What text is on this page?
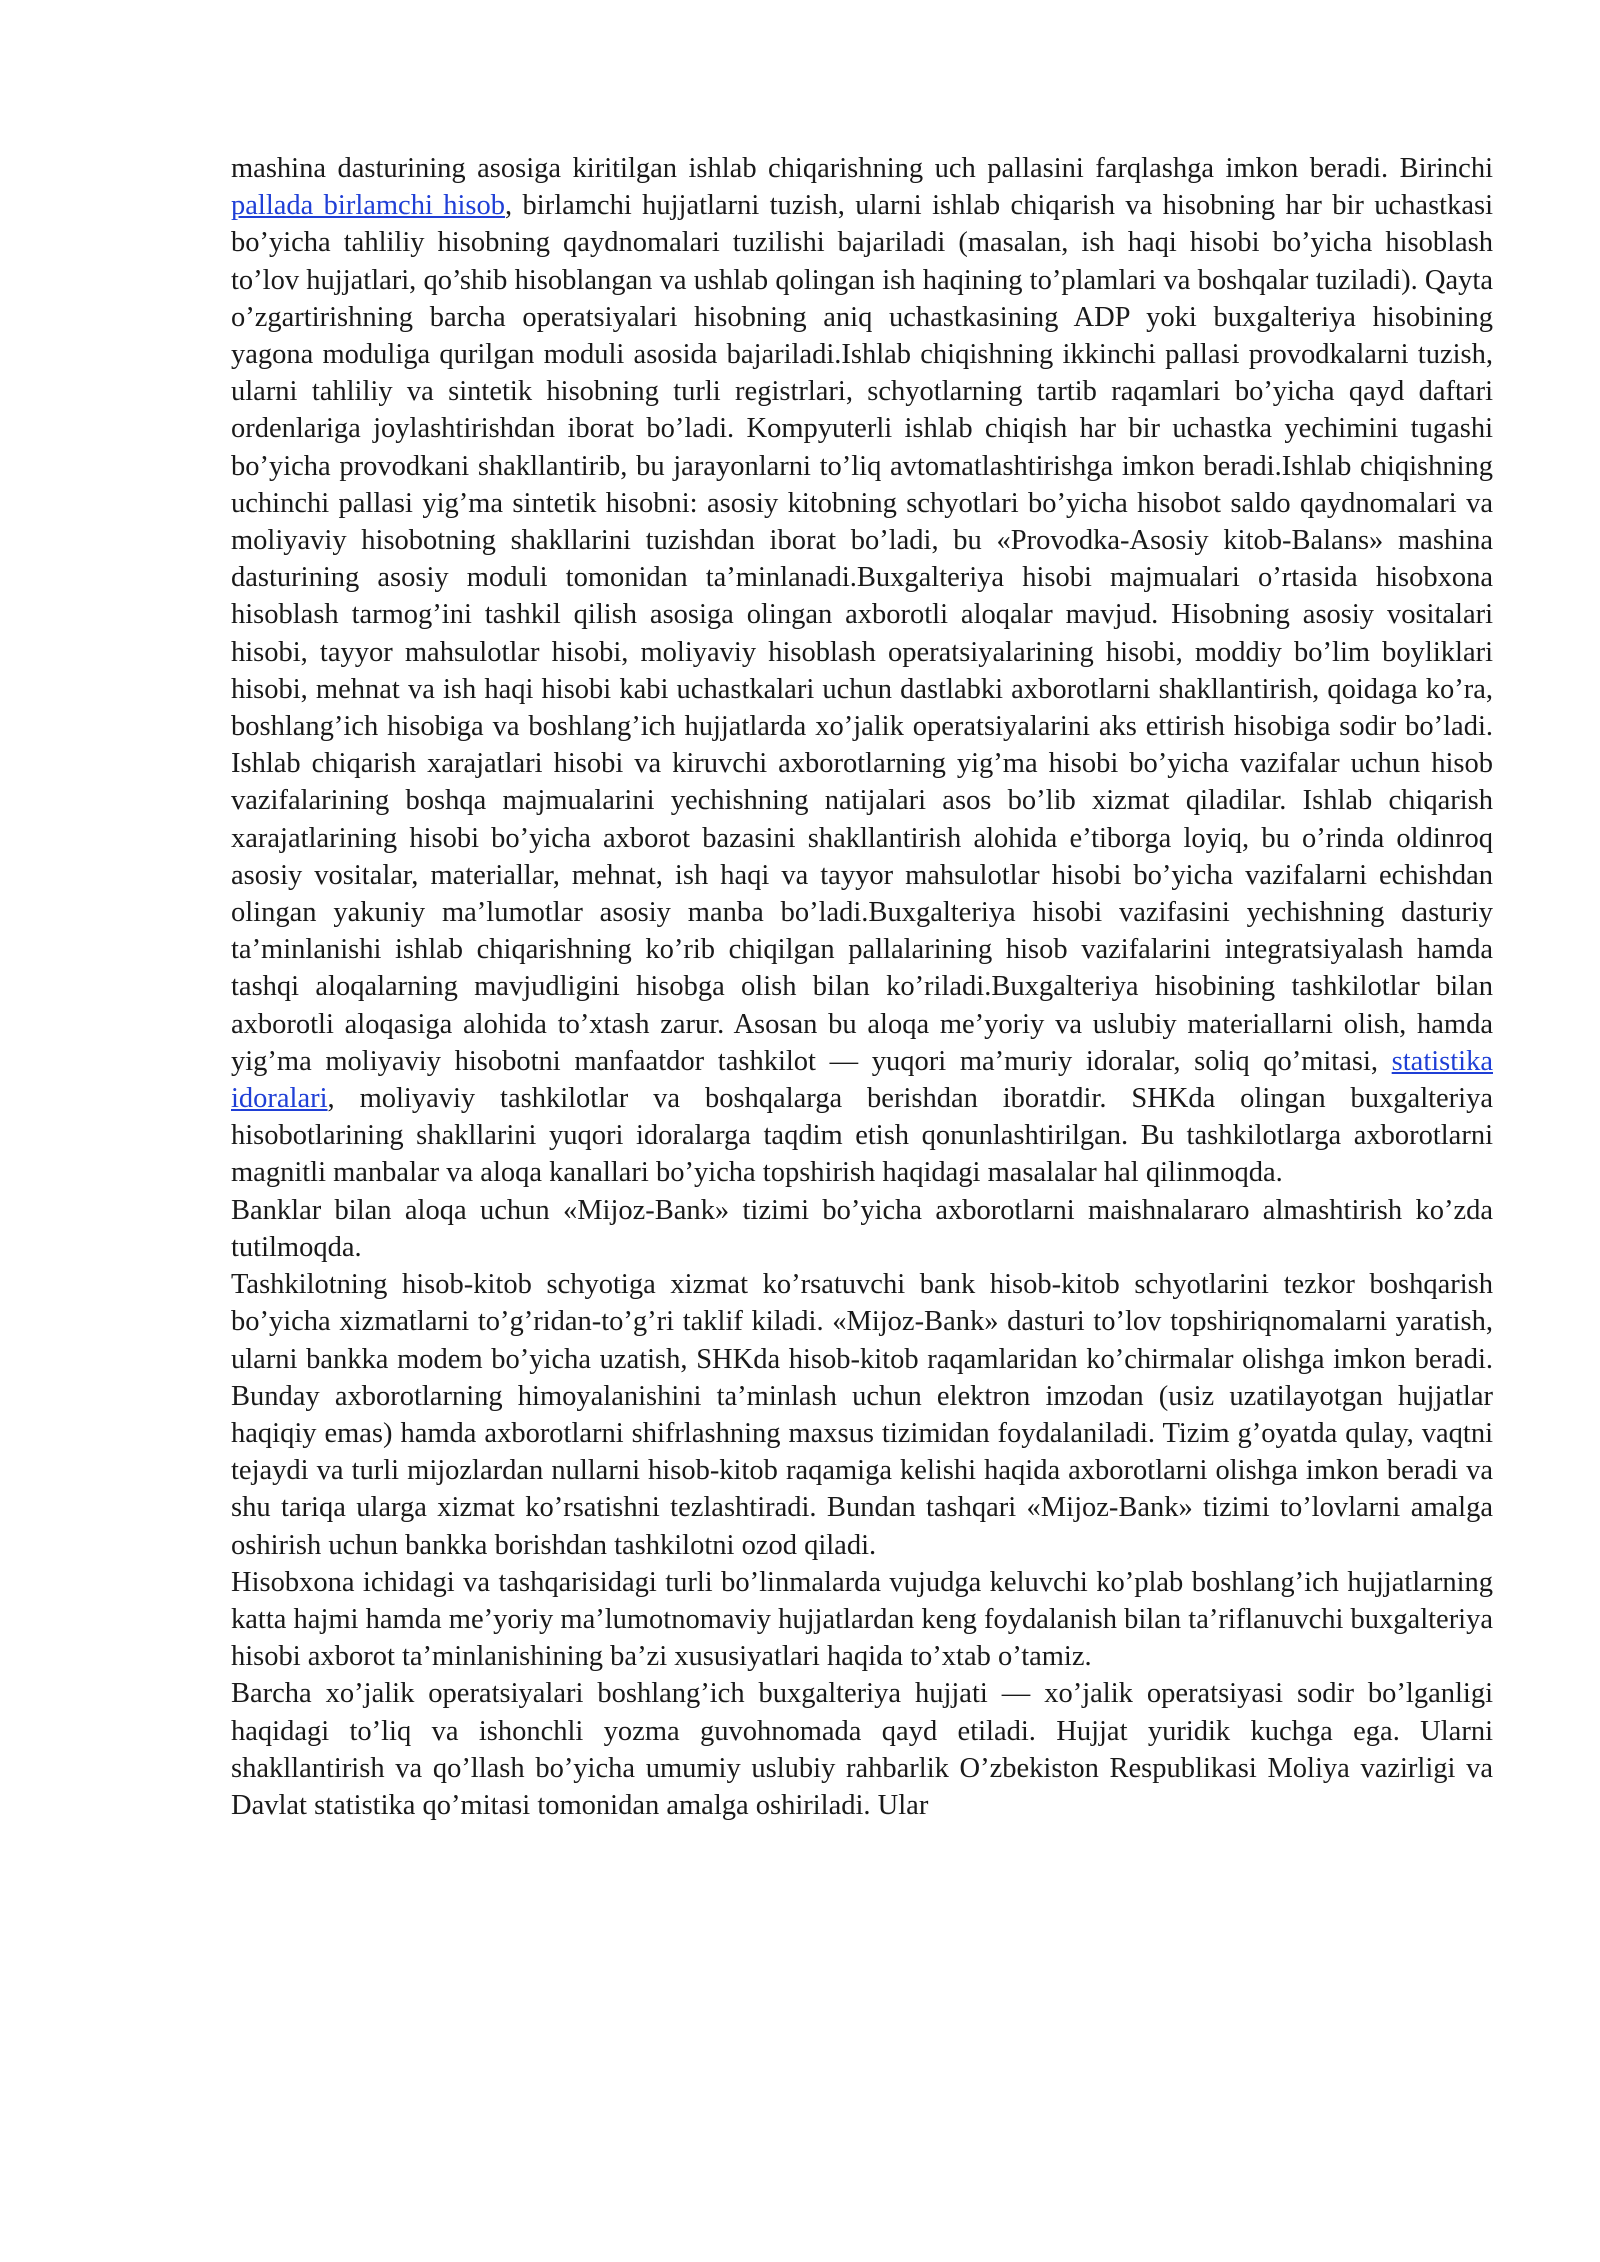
mashina dasturining asosiga kiritilgan ishlab chiqarishning uch pallasini farqlashga imkon beradi. Birinchi pallada birlamchi hisob, birlamchi hujjatlarni tuzish, ularni ishlab chiqarish va hisobning har bir uchastkasi bo’yicha tahliliy hisobning qaydnomalari tuzilishi bajariladi (masalan, ish haqi hisobi bo’yicha hisoblash to’lov hujjatlari, qo’shib hisoblangan va ushlab qolingan ish haqining to’plamlari va boshqalar tuziladi). Qayta o’zgartirishning barcha operatsiyalari hisobning aniq uchastkasining ADP yoki buxgalteriya hisobining yagona moduliga qurilgan moduli asosida bajariladi.Ishlab chiqishning ikkinchi pallasi provodkalarni tuzish, ularni tahliliy va sintetik hisobning turli registrlari, schyotlarning tartib raqamlari bo’yicha qayd daftari ordenlariga joylashtirishdan iborat bo’ladi. Kompyuterli ishlab chiqish har bir uchastka yechimini tugashi bo’yicha provodkani shakllantirib, bu jarayonlarni to’liq avtomatlashtirishga imkon beradi.Ishlab chiqishning uchinchi pallasi yig’ma sintetik hisobni: asosiy kitobning schyotlari bo’yicha hisobot saldo qaydnomalari va moliyaviy hisobotning shakllarini tuzishdan iborat bo’ladi, bu «Provodka-Asosiy kitob-Balans» mashina dasturining asosiy moduli tomonidan ta’minlanadi.Buxgalteriya hisobi majmualari o’rtasida hisobxona hisoblash tarmog’ini tashkil qilish asosiga olingan axborotli aloqalar mavjud. Hisobning asosiy vositalari hisobi, tayyor mahsulotlar hisobi, moliyaviy hisoblash operatsiyalarining hisobi, moddiy bo’lim boyliklari hisobi, mehnat va ish haqi hisobi kabi uchastkalari uchun dastlabki axborotlarni shakllantirish, qoidaga ko’ra, boshlang’ich hisobiga va boshlang’ich hujjatlarda xo’jalik operatsiyalarini aks ettirish hisobiga sodir bo’ladi. Ishlab chiqarish xarajatlari hisobi va kiruvchi axborotlarning yig’ma hisobi bo’yicha vazifalar uchun hisob vazifalarining boshqa majmualarini yechishning natijalari asos bo’lib xizmat qiladilar. Ishlab chiqarish xarajatlarining hisobi bo’yicha axborot bazasini shakllantirish alohida e’tiborga loyiq, bu o’rinda oldinroq asosiy vositalar, materiallar, mehnat, ish haqi va tayyor mahsulotlar hisobi bo’yicha vazifalarni echishdan olingan yakuniy ma’lumotlar asosiy manba bo’ladi.Buxgalteriya hisobi vazifasini yechishning dasturiy ta’minlanishi ishlab chiqarishning ko’rib chiqilgan pallalarining hisob vazifalarini integratsiyalash hamda tashqi aloqalarning mavjudligini hisobga olish bilan ko’riladi.Buxgalteriya hisobining tashkilotlar bilan axborotli aloqasiga alohida to’xtash zarur. Asosan bu aloqa me’yoriy va uslubiy materiallarni olish, hamda yig’ma moliyaviy hisobotni manfaatdor tashkilot — yuqori ma’muriy idoralar, soliq qo’mitasi, statistika idoralari, moliyaviy tashkilotlar va boshqalarga berishdan iboratdir. SHKda olingan buxgalteriya hisobotlarining shakllarini yuqori idoralarga taqdim etish qonunlashtirilgan. Bu tashkilotlarga axborotlarni magnitli manbalar va aloqa kanallari bo’yicha topshirish haqidagi masalalar hal qilinmoqda.

Banklar bilan aloqa uchun «Mijoz-Bank» tizimi bo’yicha axborotlarni maishnalararo almashtirish ko’zda tutilmoqda.

Tashkilotning hisob-kitob schyotiga xizmat ko’rsatuvchi bank hisob-kitob schyotlarini tezkor boshqarish bo’yicha xizmatlarni to’g’ridan-to’g’ri taklif kiladi. «Mijoz-Bank» dasturi to’lov topshiriqnomalarni yaratish, ularni bankka modem bo’yicha uzatish, SHKda hisob-kitob raqamlaridan ko’chirmalar olishga imkon beradi. Bunday axborotlarning himoyalanishini ta’minlash uchun elektron imzodan (usiz uzatilayotgan hujjatlar haqiqiy emas) hamda axborotlarni shifrlashning maxsus tizimidan foydalaniladi. Tizim g’oyatda qulay, vaqtni tejaydi va turli mijozlardan nullarni hisob-kitob raqamiga kelishi haqida axborotlarni olishga imkon beradi va shu tariqa ularga xizmat ko’rsatishni tezlashtiradi. Bundan tashqari «Mijoz-Bank» tizimi to’lovlarni amalga oshirish uchun bankka borishdan tashkilotni ozod qiladi.

Hisobxona ichidagi va tashqarisidagi turli bo’linmalarda vujudga keluvchi ko’plab boshlang’ich hujjatlarning katta hajmi hamda me’yoriy ma’lumotnomaviy hujjatlardan keng foydalanish bilan ta’riflanuvchi buxgalteriya hisobi axborot ta’minlanishining ba’zi xususiyatlari haqida to’xtab o’tamiz.

Barcha xo’jalik operatsiyalari boshlang’ich buxgalteriya hujjati — xo’jalik operatsiyasi sodir bo’lganligi haqidagi to’liq va ishonchli yozma guvohnomada qayd etiladi. Hujjat yuridik kuchga ega. Ularni shakllantirish va qo’llash bo’yicha umumiy uslubiy rahbarlik O’zbekiston Respublikasi Moliya vazirligi va Davlat statistika qo’mitasi tomonidan amalga oshiriladi. Ular
